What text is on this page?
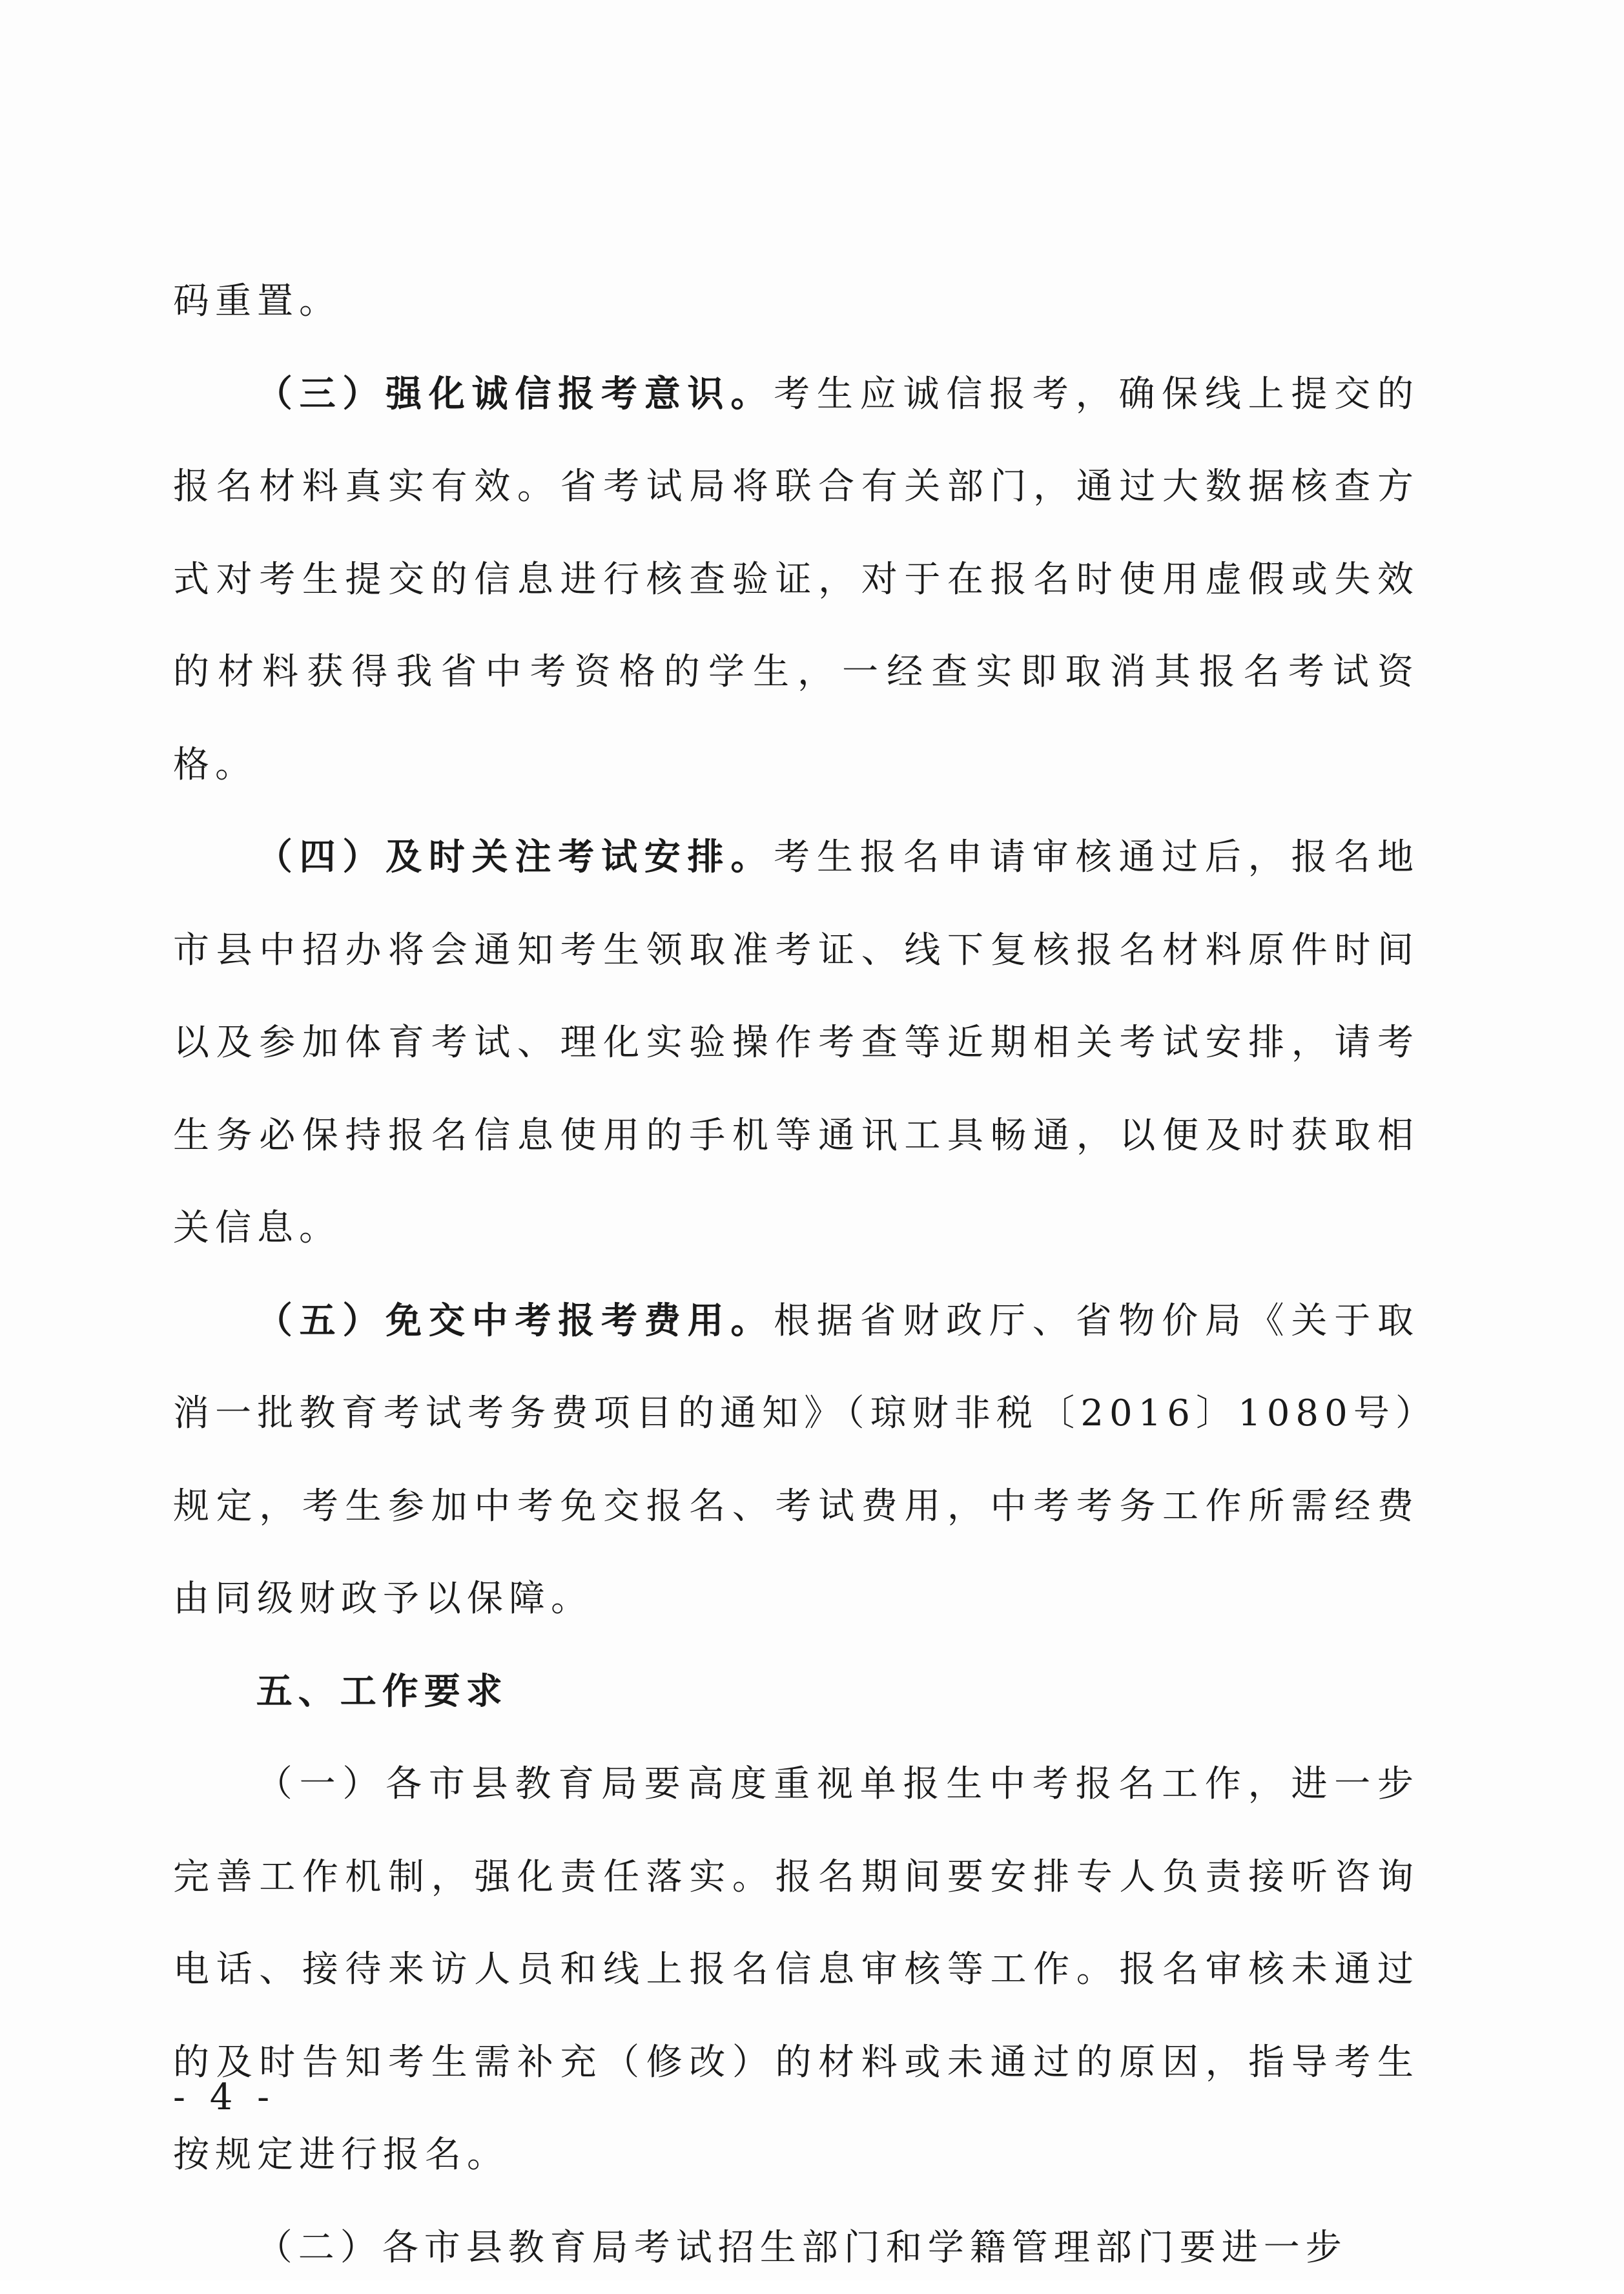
码重置。

（三）强化诚信报考意识。考生应诚信报考，确保线上提交的报名材料真实有效。省考试局将联合有关部门，通过大数据核查方式对考生提交的信息进行核查验证，对于在报名时使用虚假或失效的材料获得我省中考资格的学生，一经查实即取消其报名考试资格。

（四）及时关注考试安排。考生报名申请审核通过后，报名地市县中招办将会通知考生领取准考证、线下复核报名材料原件时间以及参加体育考试、理化实验操作考查等近期相关考试安排，请考生务必保持报名信息使用的手机等通讯工具畅通，以便及时获取相关信息。

（五）免交中考报考费用。根据省财政厅、省物价局《关于取消一批教育考试考务费项目的通知》（琼财非税〔2016〕1080号）规定，考生参加中考免交报名、考试费用，中考考务工作所需经费由同级财政予以保障。

五、工作要求

（一）各市县教育局要高度重视单报生中考报名工作，进一步完善工作机制，强化责任落实。报名期间要安排专人负责接听咨询电话、接待来访人员和线上报名信息审核等工作。报名审核未通过的及时告知考生需补充（修改）的材料或未通过的原因，指导考生按规定进行报名。

（二）各市县教育局考试招生部门和学籍管理部门要进一步

- 4 -
